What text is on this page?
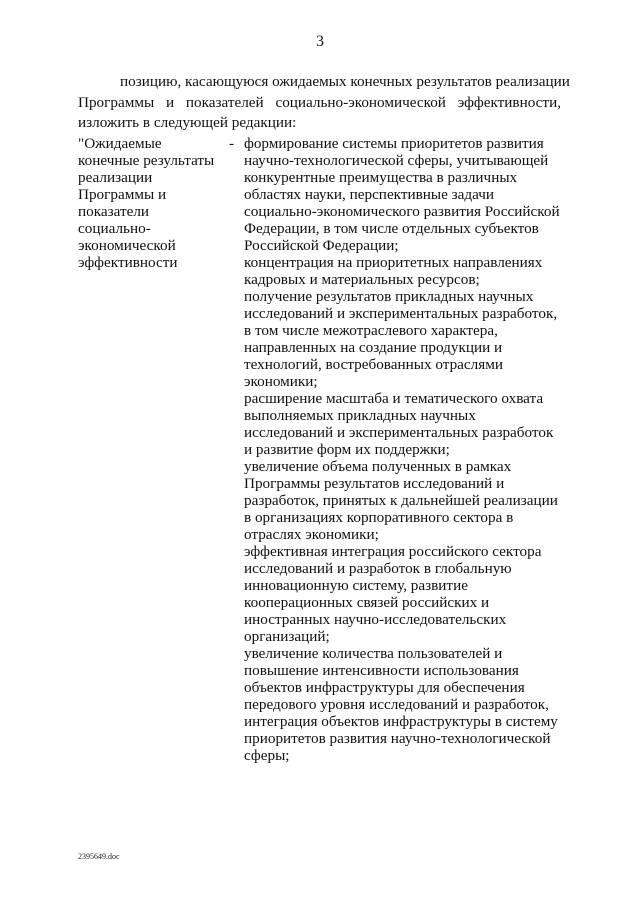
3
позицию, касающуюся ожидаемых конечных результатов реализации
Программы и показателей социально-экономической эффективности,
изложить в следующей редакции:
"Ожидаемые
конечные результаты
реализации
Программы и
показатели
социально-
экономической
эффективности
- формирование системы приоритетов развития
научно-технологической сферы, учитывающей
конкурентные преимущества в различных
областях науки, перспективные задачи
социально-экономического развития Российской
Федерации, в том числе отдельных субъектов
Российской Федерации;
концентрация на приоритетных направлениях
кадровых и материальных ресурсов;
получение результатов прикладных научных
исследований и экспериментальных разработок,
в том числе межотраслевого характера,
направленных на создание продукции и
технологий, востребованных отраслями
экономики;
расширение масштаба и тематического охвата
выполняемых прикладных научных
исследований и экспериментальных разработок
и развитие форм их поддержки;
увеличение объема полученных в рамках
Программы результатов исследований и
разработок, принятых к дальнейшей реализации
в организациях корпоративного сектора в
отраслях экономики;
эффективная интеграция российского сектора
исследований и разработок в глобальную
инновационную систему, развитие
кооперационных связей российских и
иностранных научно-исследовательских
организаций;
увеличение количества пользователей и
повышение интенсивности использования
объектов инфраструктуры для обеспечения
передового уровня исследований и разработок,
интеграция объектов инфраструктуры в систему
приоритетов развития научно-технологической
сферы;
2395649.doc
